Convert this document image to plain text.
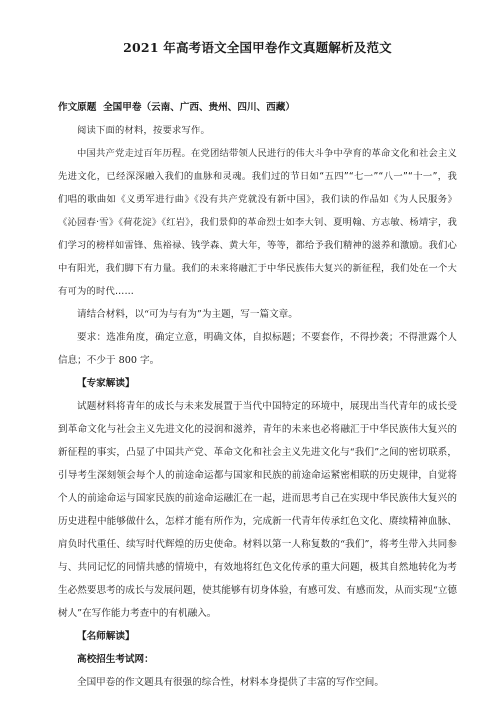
2021 年高考语文全国甲卷作文真题解析及范文

作文原题 全国甲卷（云南、广西、贵州、四川、西藏）

阅读下面的材料，按要求写作。

中国共产党走过百年历程。在党团结带领人民进行的伟大斗争中孕育的革命文化和社会主义先进文化，已经深深融入我们的血脉和灵魂。我们过的节日如“五四”“七一”“八一”“十一”，我们唱的歌曲如《义勇军进行曲》《没有共产党就没有新中国》，我们读的作品如《为人民服务》《沁园春·雪》《荷花淀》《红岩》，我们景仰的革命烈士如李大钊、夏明翰、方志敏、杨靖宇，我们学习的榜样如雷锋、焦裕禄、钱学森、黄大年，等等，都给予我们精神的滋养和激励。我们心中有阳光，我们脚下有力量。我们的未来将融汇于中华民族伟大复兴的新征程，我们处在一个大有可为的时代……

请结合材料，以“可为与有为”为主题，写一篇文章。

要求：选准角度，确定立意，明确文体，自拟标题；不要套作，不得抄袭；不得泄露个人信息；不少于 800 字。

【专家解读】

试题材料将青年的成长与未来发展置于当代中国特定的环境中，展现出当代青年的成长受到革命文化与社会主义先进文化的浸润和滋养，青年的未来也必将融汇于中华民族伟大复兴的新征程的事实，凸显了中国共产党、革命文化和社会主义先进文化与“我们”之间的密切联系，引导考生深刻领会每个人的前途命运都与国家和民族的前途命运紧密相联的历史规律，自觉将个人的前途命运与国家民族的前途命运融汇在一起，进而思考自己在实现中华民族伟大复兴的历史进程中能够做什么，怎样才能有所作为，完成新一代青年传承红色文化、赓续精神血脉、肩负时代重任、续写时代辉煌的历史使命。材料以第一人称复数的“我们”，将考生带入共同参与、共同记忆的同情共感的情境中，有效地将红色文化传承的重大问题，极其自然地转化为考生必然要思考的成长与发展问题，使其能够有切身体验，有感可发、有感而发，从而实现“立德树人”在写作能力考查中的有机融入。

【名师解读】

高校招生考试网：

全国甲卷的作文题具有很强的综合性，材料本身提供了丰富的写作空间。
